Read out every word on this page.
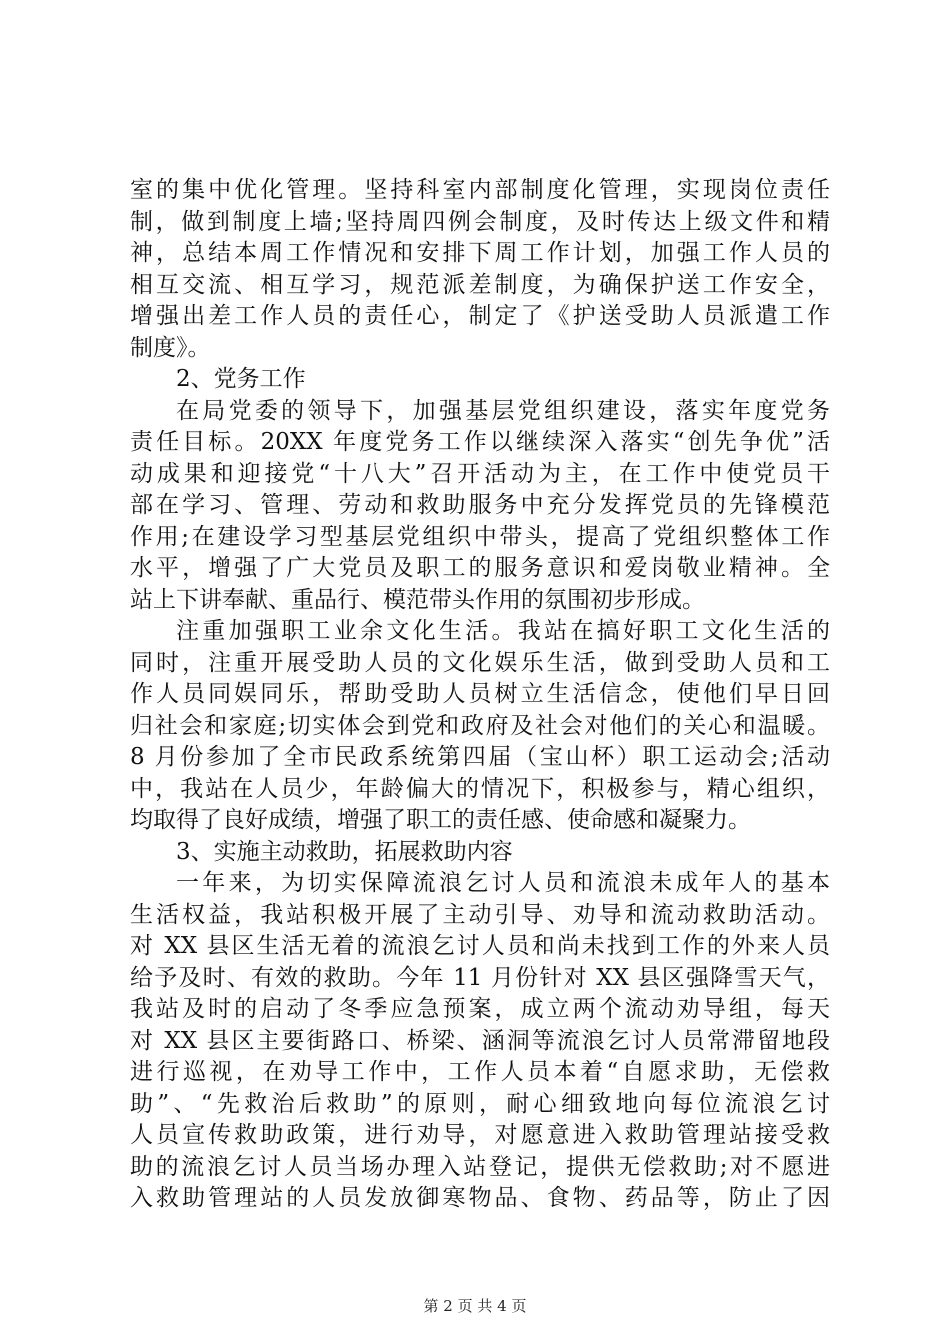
室的集中优化管理。坚持科室内部制度化管理，实现岗位责任
制，做到制度上墙;坚持周四例会制度，及时传达上级文件和精
神，总结本周工作情况和安排下周工作计划，加强工作人员的
相互交流、相互学习，规范派差制度，为确保护送工作安全，
增强出差工作人员的责任心，制定了《护送受助人员派遣工作
制度》。
2、党务工作
在局党委的领导下，加强基层党组织建设，落实年度党务
责任目标。20XX 年度党务工作以继续深入落实“创先争优”活
动成果和迎接党“十八大”召开活动为主，在工作中使党员干
部在学习、管理、劳动和救助服务中充分发挥党员的先锋模范
作用;在建设学习型基层党组织中带头，提高了党组织整体工作
水平，增强了广大党员及职工的服务意识和爱岗敬业精神。全
站上下讲奉献、重品行、模范带头作用的氛围初步形成。
注重加强职工业余文化生活。我站在搞好职工文化生活的
同时，注重开展受助人员的文化娱乐生活，做到受助人员和工
作人员同娱同乐，帮助受助人员树立生活信念，使他们早日回
归社会和家庭;切实体会到党和政府及社会对他们的关心和温暖。
8 月份参加了全市民政系统第四届（宝山杯）职工运动会;活动
中，我站在人员少，年龄偏大的情况下，积极参与，精心组织，
均取得了良好成绩，增强了职工的责任感、使命感和凝聚力。
3、实施主动救助，拓展救助内容
一年来，为切实保障流浪乞讨人员和流浪未成年人的基本
生活权益，我站积极开展了主动引导、劝导和流动救助活动。
对 XX 县区生活无着的流浪乞讨人员和尚未找到工作的外来人员
给予及时、有效的救助。今年 11 月份针对 XX 县区强降雪天气，
我站及时的启动了冬季应急预案，成立两个流动劝导组，每天
对 XX 县区主要街路口、桥梁、涵洞等流浪乞讨人员常滞留地段
进行巡视，在劝导工作中，工作人员本着“自愿求助，无偿救
助”、“先救治后救助”的原则，耐心细致地向每位流浪乞讨
人员宣传救助政策，进行劝导，对愿意进入救助管理站接受救
助的流浪乞讨人员当场办理入站登记，提供无偿救助;对不愿进
入救助管理站的人员发放御寒物品、食物、药品等，防止了因
第 2 页 共 4 页
